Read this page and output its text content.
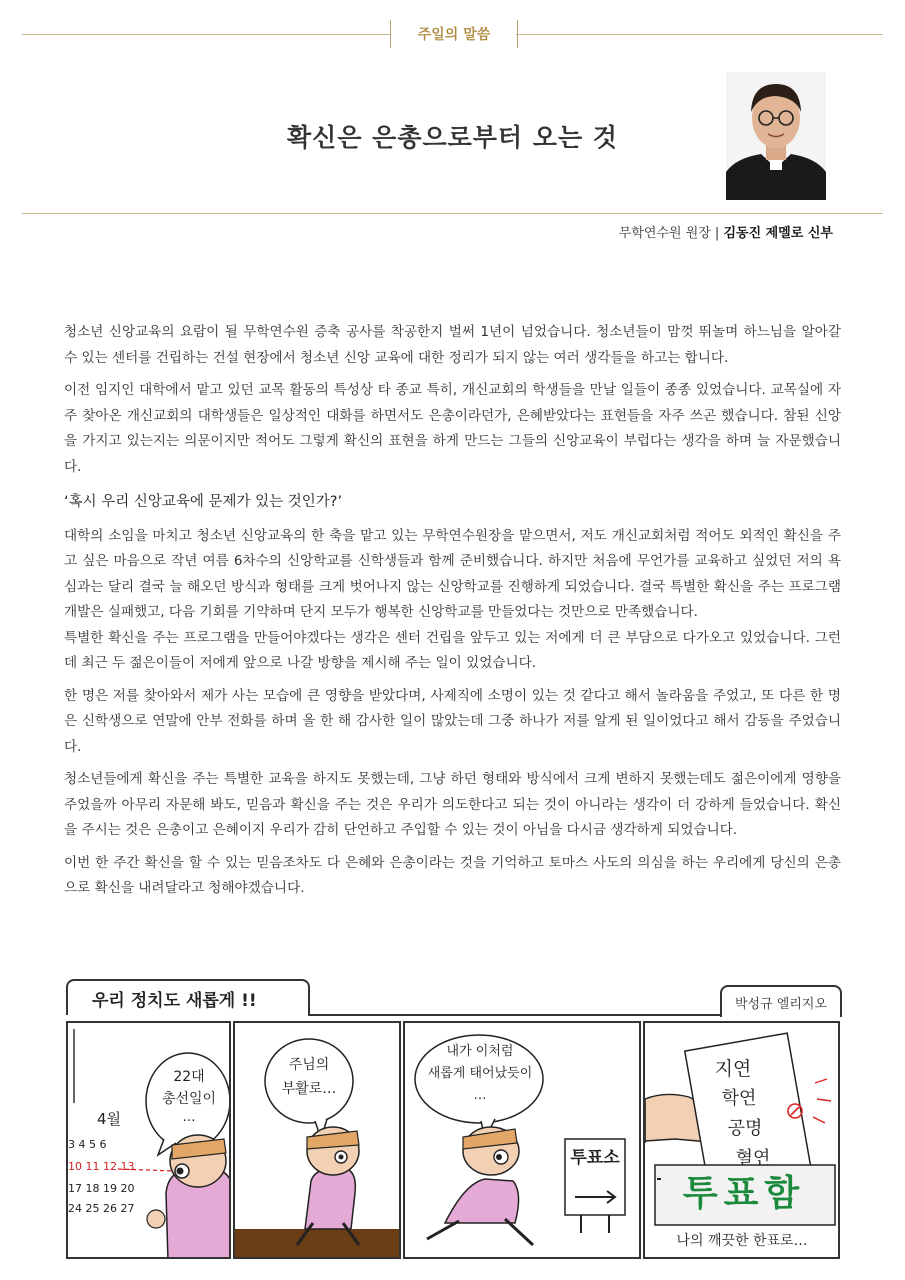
주일의 말씀
확신은 은총으로부터 오는 것
무학연수원 원장 | 김동진 제멜로 신부

청소년 신앙교육의 요람이 될 무학연수원 증축 공사를 착공한지 벌써 1년이 넘었습니다. 청소년들이 맘껏 뛰놀며 하느님을 알아갈 수 있는 센터를 건립하는 건설 현장에서 청소년 신앙 교육에 대한 정리가 되지 않는 여러 생각들을 하고는 합니다.

이전 임지인 대학에서 맡고 있던 교목 활동의 특성상 타 종교 특히, 개신교회의 학생들을 만날 일들이 종종 있었습니다. 교목실에 자주 찾아온 개신교회의 대학생들은 일상적인 대화를 하면서도 은총이라던가, 은혜받았다는 표현들을 자주 쓰곤 했습니다. 참된 신앙을 가지고 있는지는 의문이지만 적어도 그렇게 확신의 표현을 하게 만드는 그들의 신앙교육이 부럽다는 생각을 하며 늘 자문했습니다.

‘혹시 우리 신앙교육에 문제가 있는 것인가?’

대학의 소임을 마치고 청소년 신앙교육의 한 축을 맡고 있는 무학연수원장을 맡으면서, 저도 개신교회처럼 적어도 외적인 확신을 주고 싶은 마음으로 작년 여름 6차수의 신앙학교를 신학생들과 함께 준비했습니다. 하지만 처음에 무언가를 교육하고 싶었던 저의 욕심과는 달리 결국 늘 해오던 방식과 형태를 크게 벗어나지 않는 신앙학교를 진행하게 되었습니다. 결국 특별한 확신을 주는 프로그램 개발은 실패했고, 다음 기회를 기약하며 단지 모두가 행복한 신앙학교를 만들었다는 것만으로 만족했습니다.

특별한 확신을 주는 프로그램을 만들어야겠다는 생각은 센터 건립을 앞두고 있는 저에게 더 큰 부담으로 다가오고 있었습니다. 그런데 최근 두 젊은이들이 저에게 앞으로 나갈 방향을 제시해 주는 일이 있었습니다.

한 명은 저를 찾아와서 제가 사는 모습에 큰 영향을 받았다며, 사제직에 소명이 있는 것 같다고 해서 놀라움을 주었고, 또 다른 한 명은 신학생으로 연말에 안부 전화를 하며 올 한 해 감사한 일이 많았는데 그중 하나가 저를 알게 된 일이었다고 해서 감동을 주었습니다.

청소년들에게 확신을 주는 특별한 교육을 하지도 못했는데, 그냥 하던 형태와 방식에서 크게 변하지 못했는데도 젊은이에게 영향을 주었을까 아무리 자문해 봐도, 믿음과 확신을 주는 것은 우리가 의도한다고 되는 것이 아니라는 생각이 더 강하게 들었습니다. 확신을 주시는 것은 은총이고 은혜이지 우리가 감히 단언하고 주입할 수 있는 것이 아님을 다시금 생각하게 되었습니다.

이번 한 주간 확신을 할 수 있는 믿음조차도 다 은혜와 은총이라는 것을 기억하고 토마스 사도의 의심을 하는 우리에게 당신의 은총으로 확신을 내려달라고 청해야겠습니다.

우리 정치도 새롭게 !!	박성규 엘리지오
22대
총선일이
…
4월
3 4 5 6
10 11 12 13
17 18 19 20
24 25 26 27
주님의
부활로…
내가 이처럼
새롭게 태어났듯이
…
투표소
지연
학연
공명
혈연
투표함
나의 깨끗한 한표로…
